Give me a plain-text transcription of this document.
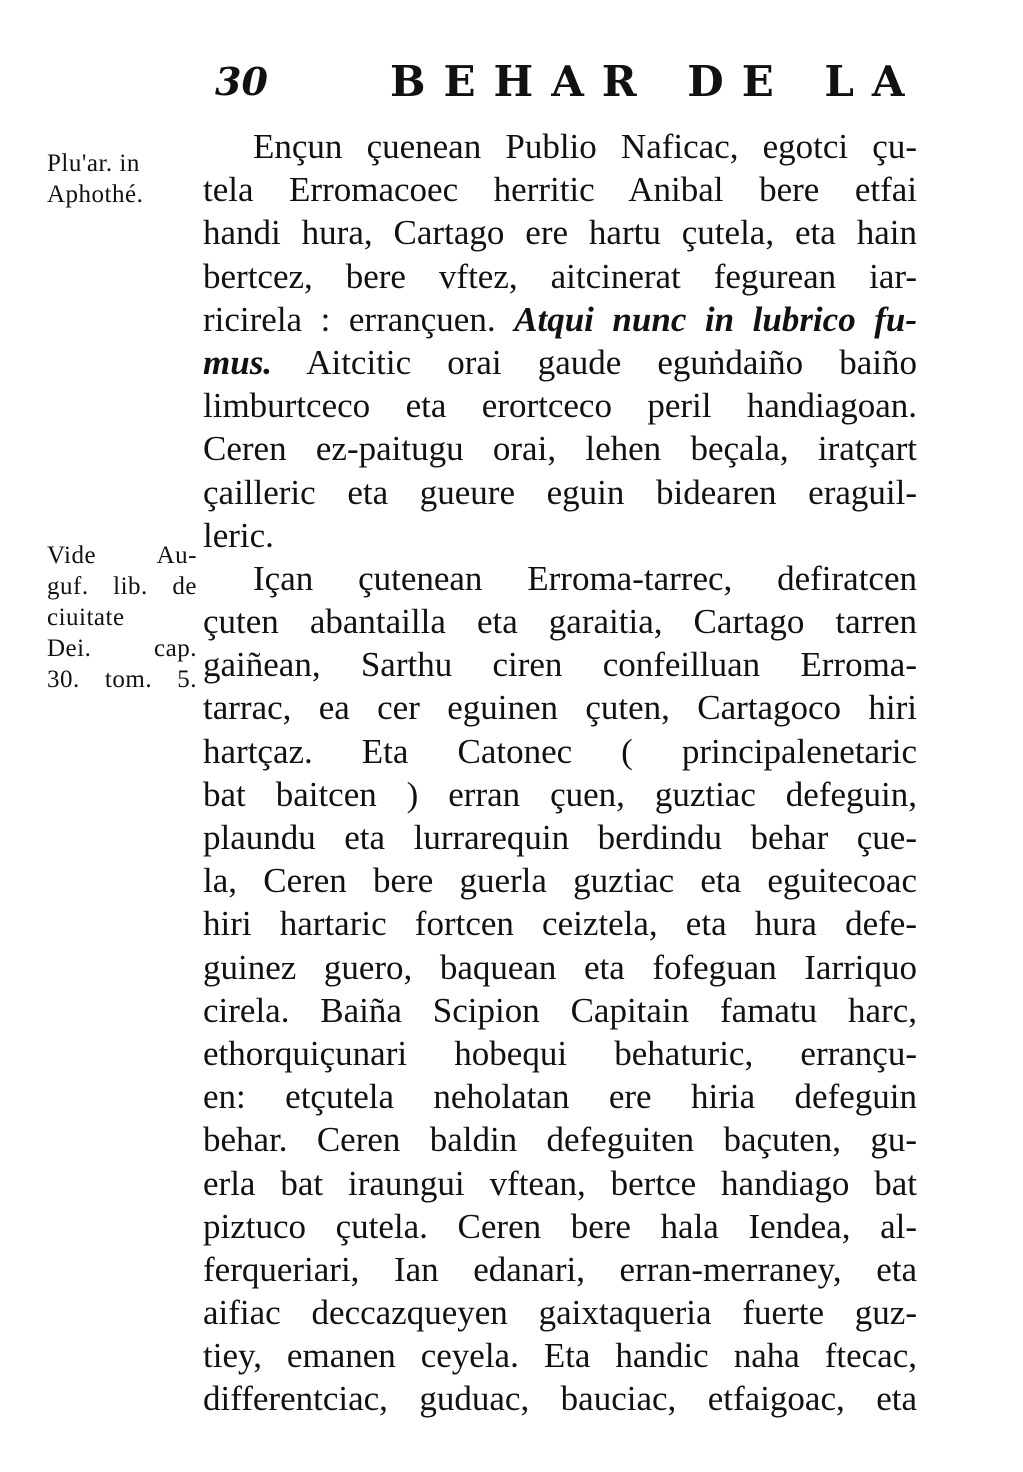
30	BEHAR DE LA
Plu'ar. in
Aphothé.
Vide Au-
guf. lib. de
ciuitate
Dei. cap.
30. tom. 5.
Ençun çuenean Publio Naficac, egotci çu-
tela Erromacoec herritic Anibal bere etfai
handi hura, Cartago ere hartu çutela, eta hain
bertcez, bere vftez, aitcinerat fegurean iar-
ricirela : errançuen. Atqui nunc in lubrico fu-
mus. Aitcitic orai gaude eguṅdaiño baiño
limburtceco eta erortceco peril handiagoan.
Ceren ez-paitugu orai, lehen beçala, iratçart
çailleric eta gueure eguin bidearen eraguil-
leric.
Içan çutenean Erroma-tarrec, defiratcen
çuten abantailla eta garaitia, Cartago tarren
gaiñean, Sarthu ciren confeilluan Erroma-
tarrac, ea cer eguinen çuten, Cartagoco hiri
hartçaz. Eta Catonec ( principalenetaric
bat baitcen ) erran çuen, guztiac defeguin,
plaundu eta lurrarequin berdindu behar çue-
la, Ceren bere guerla guztiac eta eguitecoac
hiri hartaric fortcen ceiztela, eta hura defe-
guinez guero, baquean eta fofeguan Iarriquo
cirela. Baiña Scipion Capitain famatu harc,
ethorquiçunari hobequi behaturic, errançu-
en: etçutela neholatan ere hiria defeguin
behar. Ceren baldin defeguiten baçuten, gu-
erla bat iraungui vftean, bertce handiago bat
piztuco çutela. Ceren bere hala Iendea, al-
ferqueriari, Ian edanari, erran-merraney, eta
aifiac deccazqueyen gaixtaqueria fuerte guz-
tiey, emanen ceyela. Eta handic naha ftecac,
differentciac, guduac, bauciac, etfaigoac, eta
